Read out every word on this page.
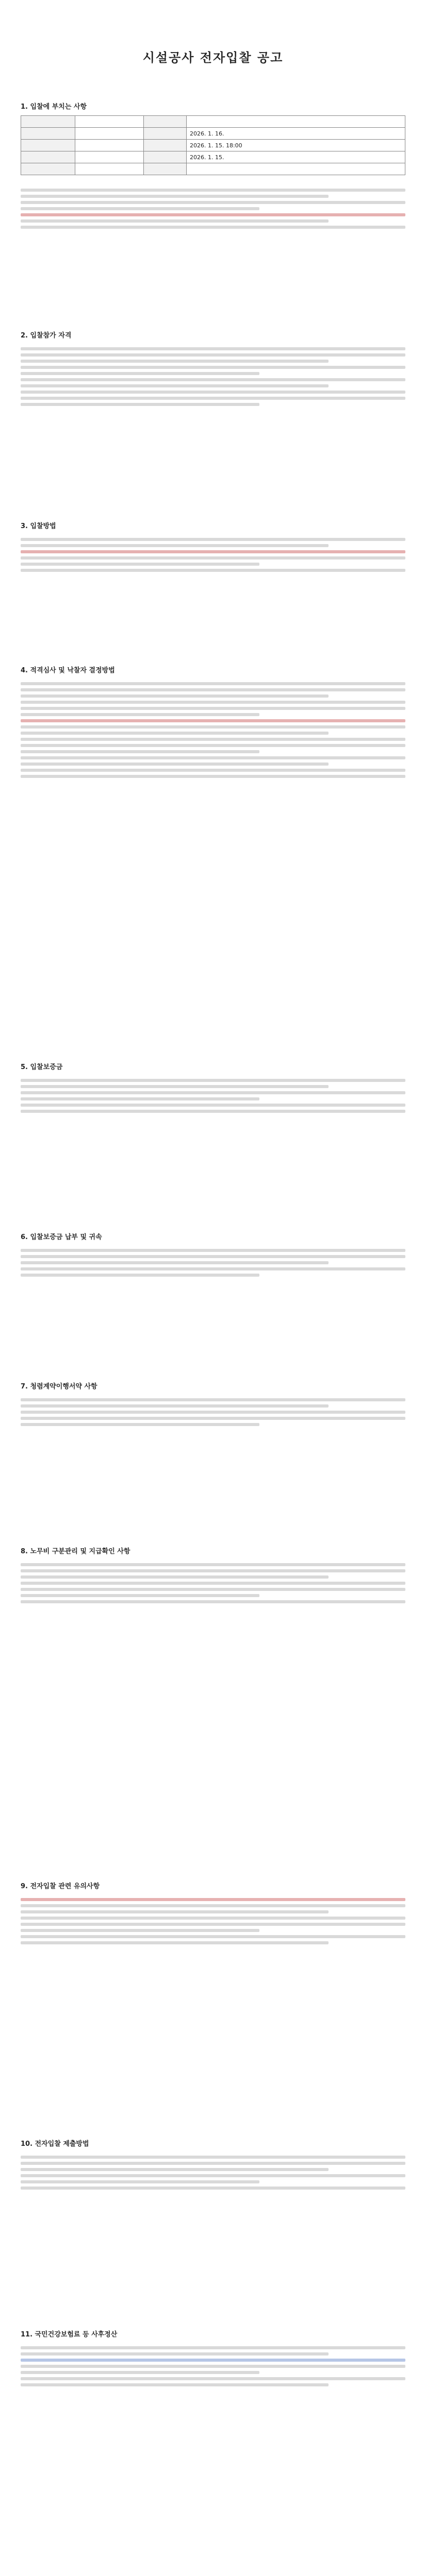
시설공사 전자입찰 공고
1. 입찰에 부치는 사항

			2026. 1. 16.
			2026. 1. 15. 18:00
			2026. 1. 15.

2. 입찰참가 자격
3. 입찰방법
4. 적격심사 및 낙찰자 결정방법
5. 입찰보증금
6. 입찰보증금 납부 및 귀속
7. 청렴계약이행서약 사항
8. 노무비 구분관리 및 지급확인 사항
9. 전자입찰 관련 유의사항
10. 전자입찰 제출방법
11. 국민건강보험료 등 사후정산
